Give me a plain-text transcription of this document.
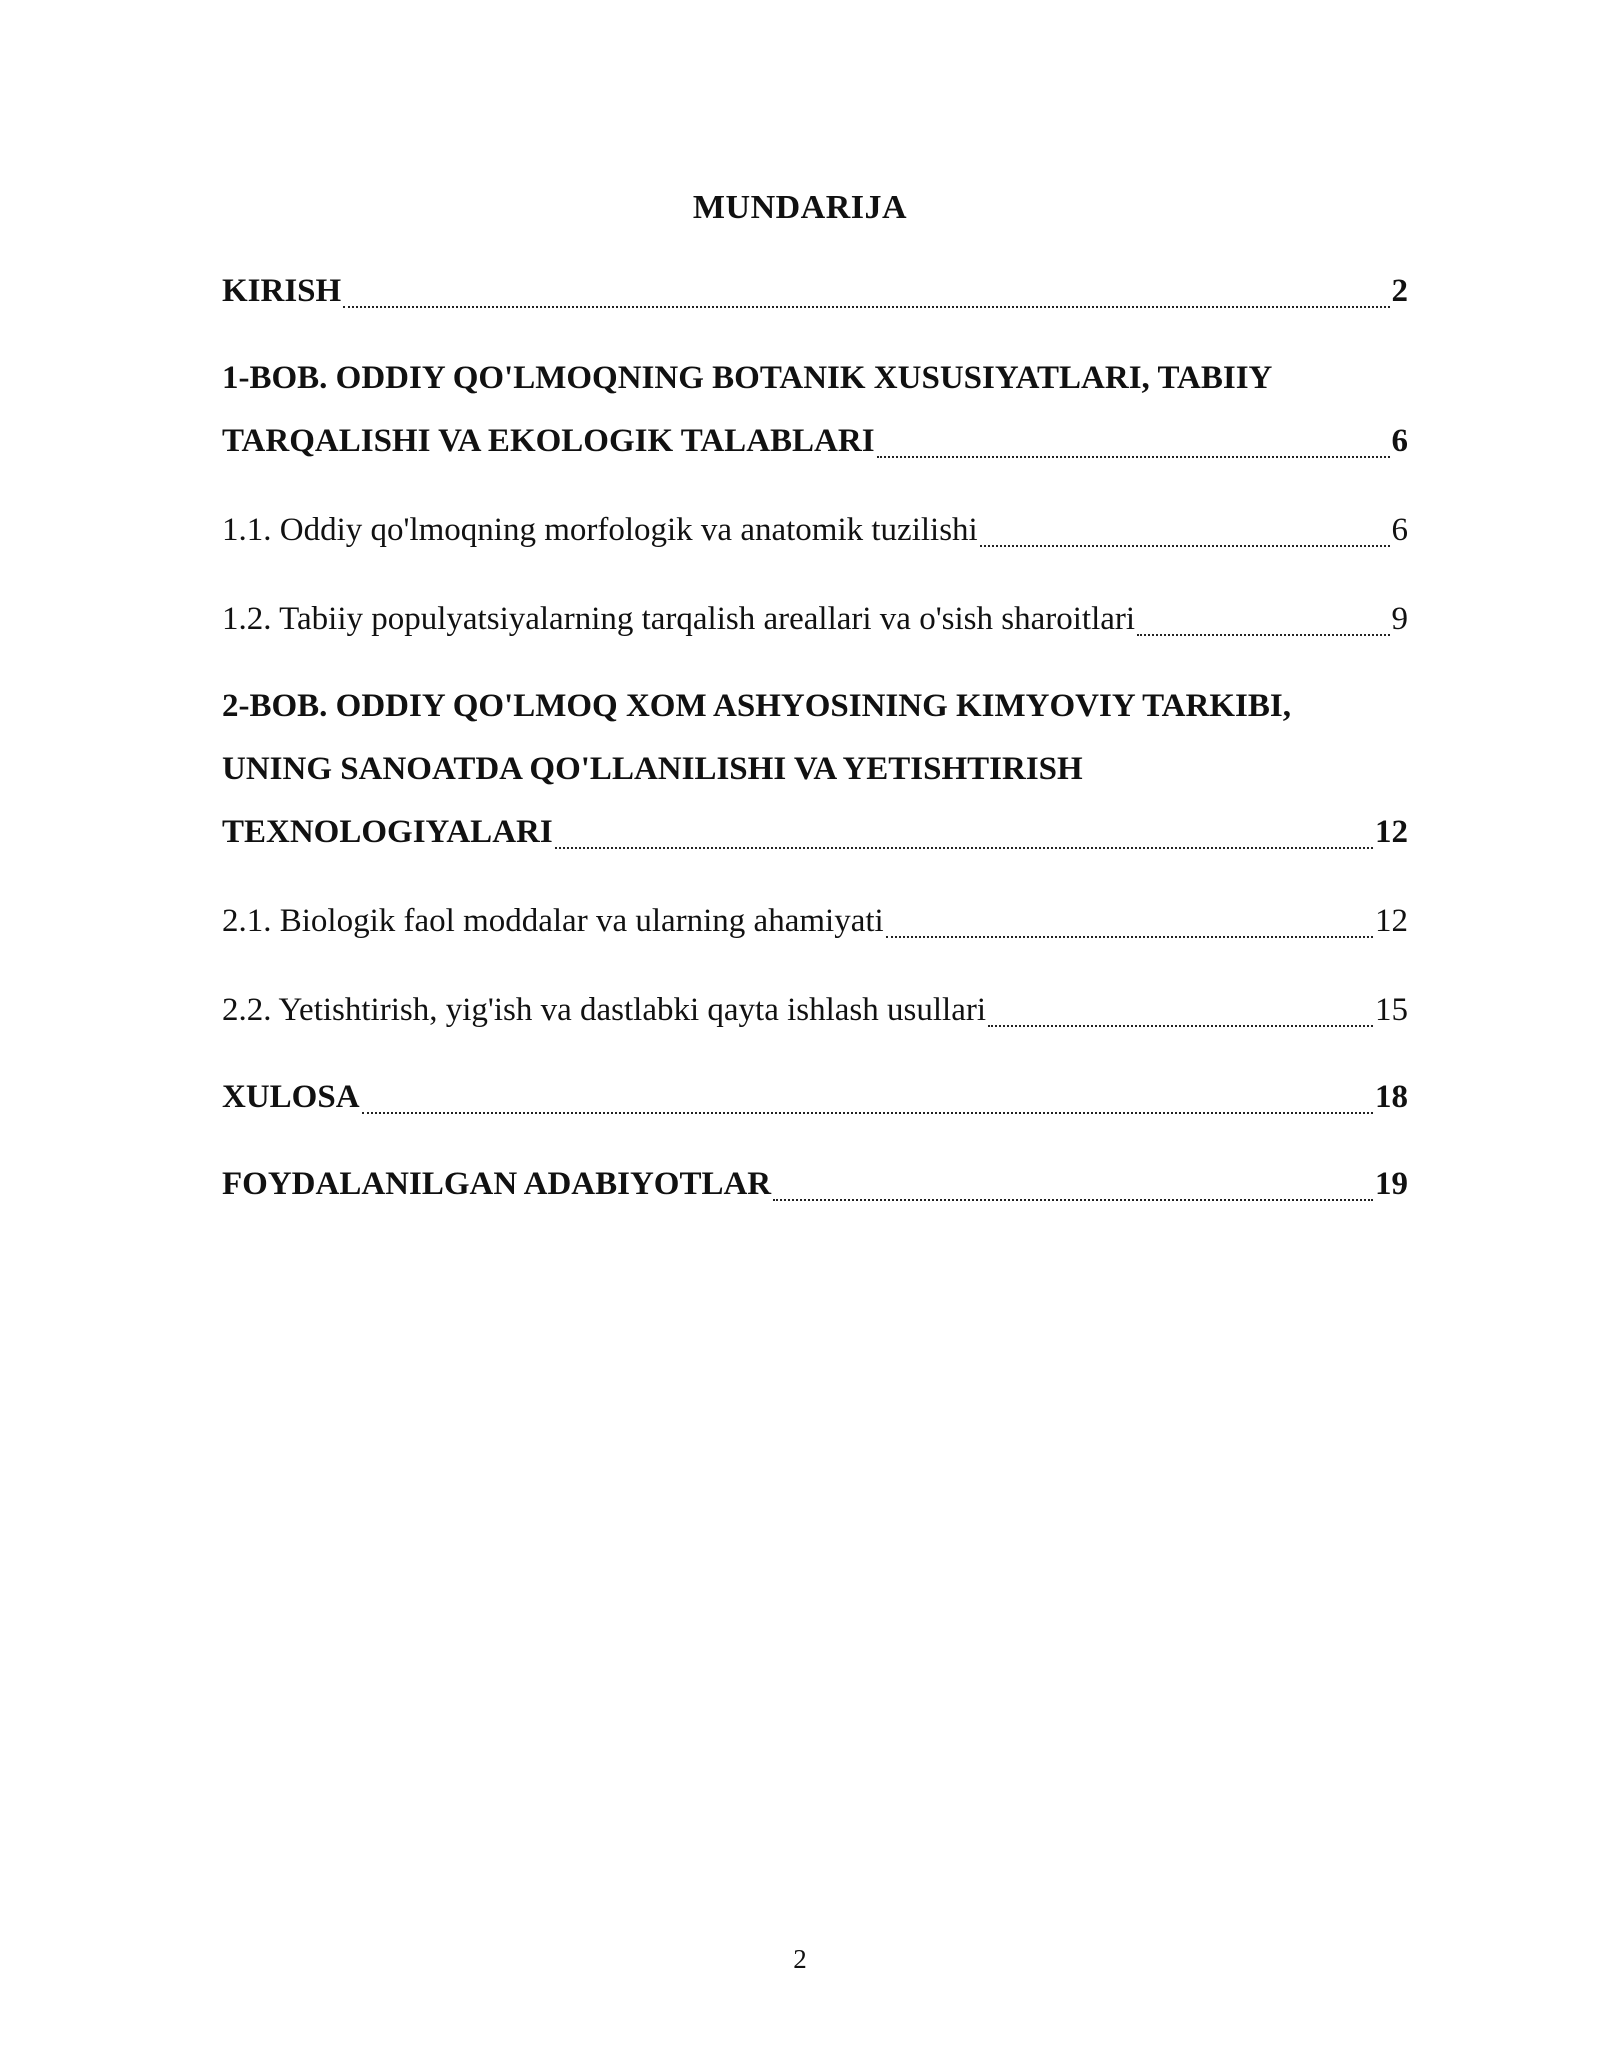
MUNDARIJA
KIRISH	2
1-BOB. ODDIY QO'LMOQNING BOTANIK XUSUSIYATLARI, TABIIY
TARQALISHI VA EKOLOGIK TALABLARI	6
1.1. Oddiy qo'lmoqning morfologik va anatomik tuzilishi	6
1.2. Tabiiy populyatsiyalarning tarqalish areallari va o'sish sharoitlari	9
2-BOB. ODDIY QO'LMOQ XOM ASHYOSINING KIMYOVIY TARKIBI,
UNING SANOATDA QO'LLANILISHI VA YETISHTIRISH
TEXNOLOGIYALARI	12
2.1. Biologik faol moddalar va ularning ahamiyati	12
2.2. Yetishtirish, yig'ish va dastlabki qayta ishlash usullari	15
XULOSA	18
FOYDALANILGAN ADABIYOTLAR	19
2
